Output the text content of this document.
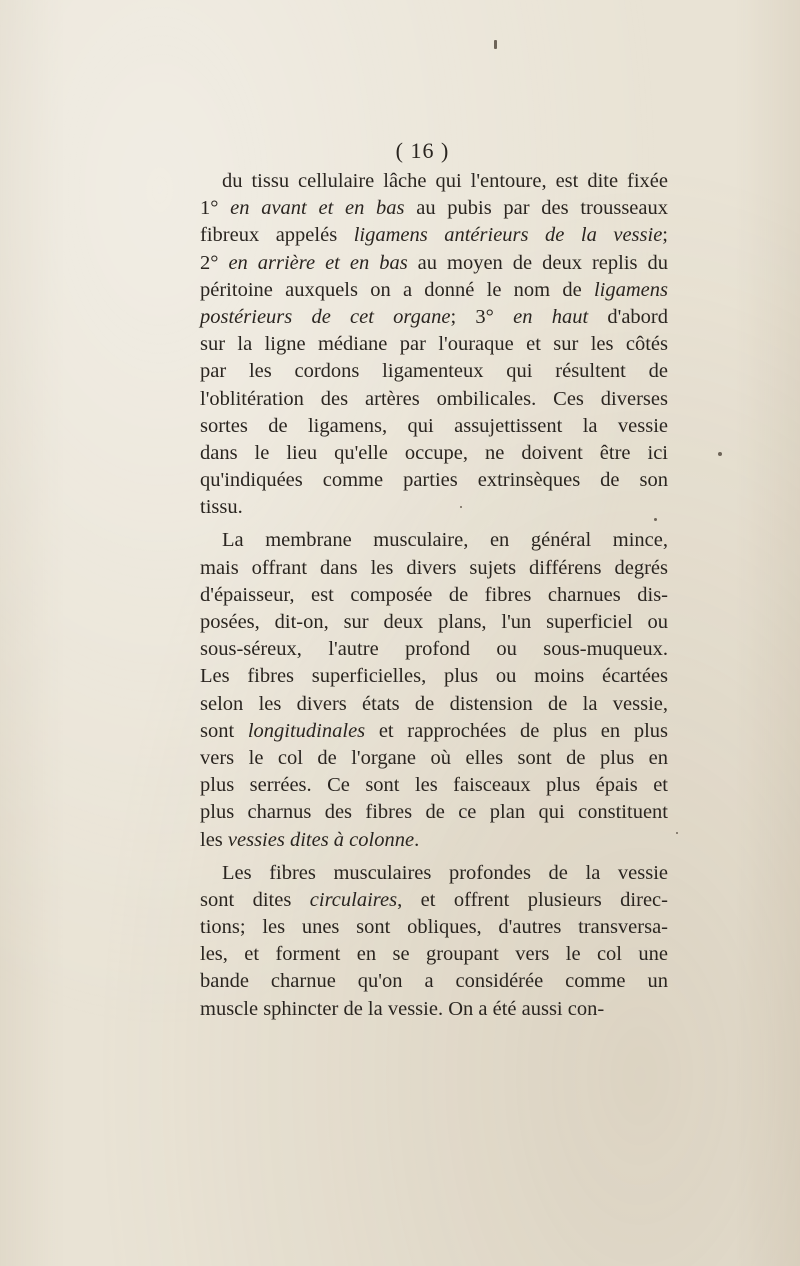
( 16 )
du tissu cellulaire lâche qui l'entoure, est dite fixée
1° en avant et en bas au pubis par des trousseaux
fibreux appelés ligamens antérieurs de la vessie;
2° en arrière et en bas au moyen de deux replis du
péritoine auxquels on a donné le nom de ligamens
postérieurs de cet organe; 3° en haut d'abord
sur la ligne médiane par l'ouraque et sur les côtés
par les cordons ligamenteux qui résultent de
l'oblitération des artères ombilicales. Ces diverses
sortes de ligamens, qui assujettissent la vessie
dans le lieu qu'elle occupe, ne doivent être ici
qu'indiquées comme parties extrinsèques de son
tissu.
La membrane musculaire, en général mince,
mais offrant dans les divers sujets différens degrés
d'épaisseur, est composée de fibres charnues dis-
posées, dit-on, sur deux plans, l'un superficiel ou
sous-séreux, l'autre profond ou sous-muqueux.
Les fibres superficielles, plus ou moins écartées
selon les divers états de distension de la vessie,
sont longitudinales et rapprochées de plus en plus
vers le col de l'organe où elles sont de plus en
plus serrées. Ce sont les faisceaux plus épais et
plus charnus des fibres de ce plan qui constituent
les vessies dites à colonne.
Les fibres musculaires profondes de la vessie
sont dites circulaires, et offrent plusieurs direc-
tions; les unes sont obliques, d'autres transversa-
les, et forment en se groupant vers le col une
bande charnue qu'on a considérée comme un
muscle sphincter de la vessie. On a été aussi con-
